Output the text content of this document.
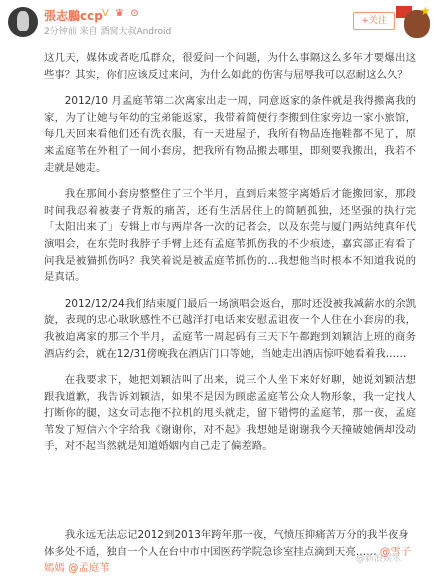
張志鵬ccp V ♛ ⊙
2分钟前 来自 酒窝大叔Android
+关注
★

这几天，媒体或者吃瓜群众，很爱问一个问题，为什么事隔这么多年才要爆出这些事？其实，你们应该反过来问，为什么如此的伤害与屈辱我可以忍耐这么久？

2012/10 月孟庭苇第二次离家出走一周，同意返家的条件就是我得搬离我的家，为了让她与年幼的宝弟能返家，我带着简便行李搬到住家旁边一家小旅馆，每几天回来看他们还有洗衣服，有一天进屋子，我所有物品连拖鞋都不见了，原来孟庭苇在外租了一间小套房，把我所有物品搬去哪里，即刻要我搬出，我若不走就是她走。

我在那间小套房整整住了三个半月，直到后来签字离婚后才能搬回家，那段时间我忍着被妻子背叛的痛苦，还有生活居住上的简陋孤独，还坚强的执行完「太阳出来了」专辑上市与两岸各一次的记者会，以及东莞与厦门两站纯真年代演唱会，在东莞时我脖子手臂上还有孟庭苇抓伤我的不少痕迹，嘉宾部正宥看了问我是被猫抓伤吗？我笑着说是被孟庭苇抓伤的…我想他当时根本不知道我说的是真话。

2012/12/24我们结束厦门最后一场演唱会返台，那时还没被我减薪水的余凯旋，表现的忠心耿耿感性不已越洋打电话来安慰孟诅夜一个人住在小套房的我，我被迫离家的那三个半月，孟庭苇一周起码有三天下午都跑到刘颖洁上班的商务酒店约会，就在12/31傍晚我在酒店门口等她，当她走出酒店惊吓她看着我……

在我要求下，她把刘颖洁叫了出来，说三个人坐下来好好聊，她说刘颖洁想跟我道歉，我告诉刘颖洁，如果不是因为顾虑孟庭苇公众人物形象，我一定找人打断你的腿，这女司志拖不拉机的甩头就走，留下错愕的孟庭苇，那一夜，孟庭苇发了短信六个字给我《谢谢你，对不起》我想她是谢谢我今天撞破她俩却没动手，对不起当然就是知道婚姻内自己走了偏差路。

我永远无法忘记2012到2013年跨年那一夜，气愤压抑痛苦万分的我半夜身体多处不适，独自一个人在台中市中国医药学院急诊室挂点滴到天亮…… @雪子嫣嫣 @孟庭苇

@新浪娱乐
